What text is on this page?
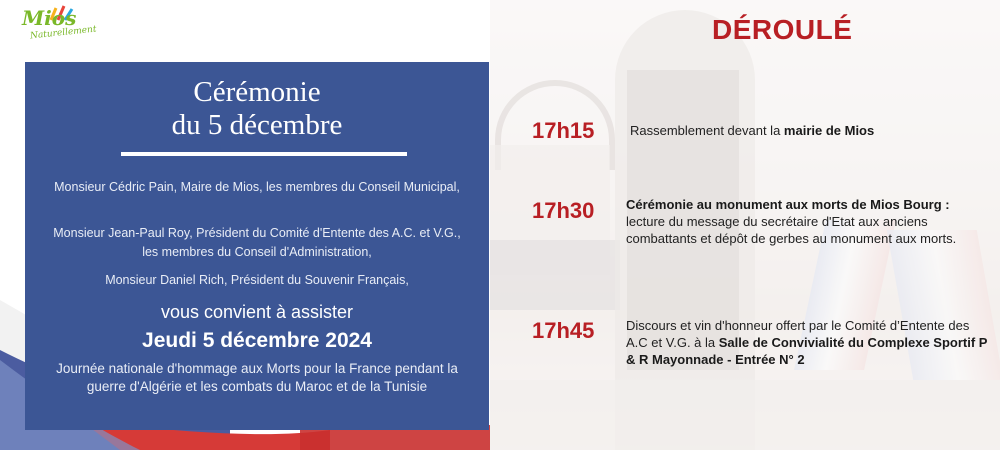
Mios
Naturellement
Cérémonie
du 5 décembre
Monsieur Cédric Pain, Maire de Mios, les membres du Conseil Municipal,
Monsieur Jean-Paul Roy, Président du Comité d'Entente des A.C. et V.G., les membres du Conseil d'Administration,
Monsieur Daniel Rich, Président du Souvenir Français,
vous convient à assister
Jeudi 5 décembre 2024
Journée nationale d'hommage aux Morts pour la France pendant la guerre d'Algérie et les combats du Maroc et de la Tunisie
DÉROULÉ
17h15	Rassemblement devant la mairie de Mios
17h30 Cérémonie au monument aux morts de Mios Bourg : lecture du message du secrétaire d'Etat aux anciens combattants et dépôt de gerbes au monument aux morts.
17h45 Discours et vin d'honneur offert par le Comité d’Entente des A.C et V.G. à la Salle de Convivialité du Complexe Sportif P & R Mayonnade - Entrée N° 2
